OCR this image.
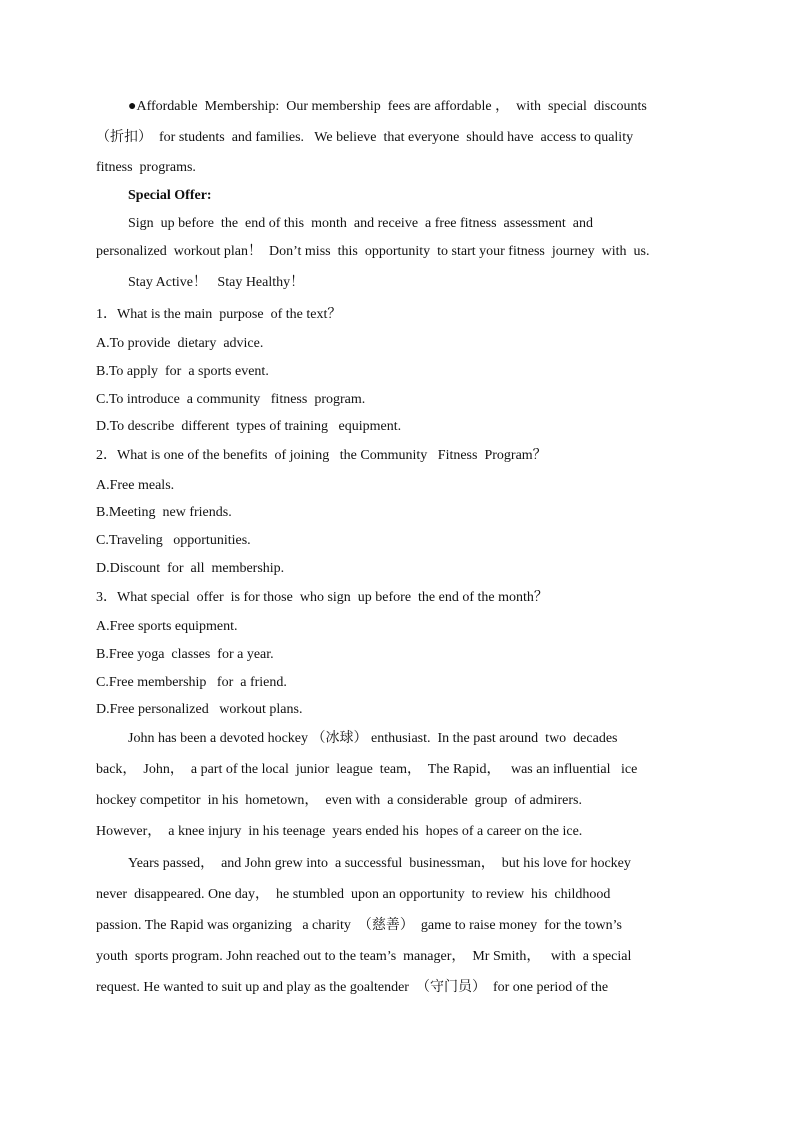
●Affordable  Membership:  Our membership  fees are affordable ，  with  special  discounts
（折扣）  for students  and families.   We believe  that everyone  should have  access to quality
fitness  programs.
Special Offer:
Sign  up before  the  end of this  month  and receive  a free fitness  assessment  and
personalized  workout plan！  Don’t miss  this  opportunity  to start your fitness  journey  with  us.
Stay Active！   Stay Healthy！
1．What is the main  purpose  of the text？
A.To provide  dietary  advice.
B.To apply  for  a sports event.
C.To introduce  a community   fitness  program.
D.To describe  different  types of training   equipment.
2．What is one of the benefits  of joining   the Community   Fitness  Program？
A.Free meals.
B.Meeting  new friends.
C.Traveling   opportunities.
D.Discount  for  all  membership.
3．What special  offer  is for those  who sign  up before  the end of the month？
A.Free sports equipment.
B.Free yoga  classes  for a year.
C.Free membership   for  a friend.
D.Free personalized   workout plans.
John has been a devoted hockey （冰球） enthusiast.  In the past around  two  decades
back，  John，  a part of the local  junior  league  team，  The Rapid，   was an influential   ice
hockey competitor  in his  hometown，  even with  a considerable  group  of admirers.
However，  a knee injury  in his teenage  years ended his  hopes of a career on the ice.
Years passed，  and John grew into  a successful  businessman，  but his love for hockey
never  disappeared. One day，  he stumbled  upon an opportunity  to review  his  childhood
passion. The Rapid was organizing   a charity  （慈善）  game to raise money  for the town’s
youth  sports program. John reached out to the team’s  manager，  Mr Smith，   with  a special
request. He wanted to suit up and play as the goaltender  （守门员）  for one period of the
